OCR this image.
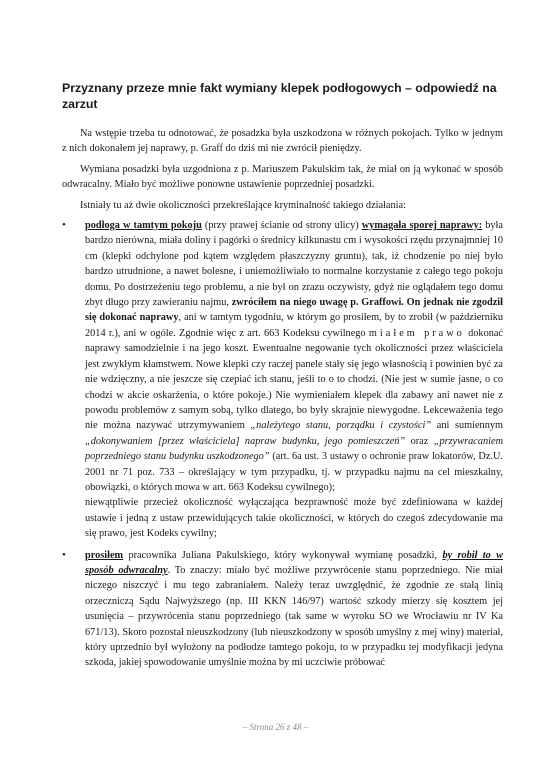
Przyznany przeze mnie fakt wymiany klepek podłogowych – odpowiedź na zarzut

Na wstępie trzeba tu odnotować, że posadzka była uszkodzona w różnych pokojach. Tylko w jednym z nich dokonałem jej naprawy, p. Graff do dziś mi nie zwrócił pieniędzy.

Wymiana posadzki była uzgodniona z p. Mariuszem Pakulskim tak, że miał on ją wykonać w sposób odwracalny. Miało być możliwe ponowne ustawienie poprzedniej posadzki.

Istniały tu aż dwie okoliczności przekreślające kryminalność takiego działania:

• podłoga w tamtym pokoju (przy prawej ścianie od strony ulicy) wymagała sporej naprawy: była bardzo nierówna, miała doliny i pagórki o średnicy kilkunastu cm i wysokości rzędu przynajmniej 10 cm (klepki odchylone pod kątem względem płaszczyzny gruntu), tak, iż chodzenie po niej było bardzo utrudnione, a nawet bolesne, i uniemożliwiało to normalne korzystanie z całego tego pokoju domu. Po dostrzeżeniu tego problemu, a nie był on zrazu oczywisty, gdyż nie oglądałem tego domu zbyt długo przy zawieraniu najmu, zwróciłem na niego uwagę p. Graffowi. On jednak nie zgodził się dokonać naprawy, ani w tamtym tygodniu, w którym go prosiłem, by to zrobił (w październiku 2014 r.), ani w ogóle. Zgodnie więc z art. 663 Kodeksu cywilnego miałem prawo dokonać naprawy samodzielnie i na jego koszt. Ewentualne negowanie tych okoliczności przez właściciela jest zwykłym kłamstwem. Nowe klepki czy raczej panele stały się jego własnością i powinien być za nie wdzięczny, a nie jeszcze się czepiać ich stanu, jeśli to o to chodzi. (Nie jest w sumie jasne, o co chodzi w akcie oskarżenia, o które pokoje.) Nie wymieniałem klepek dla zabawy ani nawet nie z powodu problemów z samym sobą, tylko dlatego, bo były skrajnie niewygodne. Lekceważenia tego nie można nazywać utrzymywaniem „należytego stanu, porządku i czystości” ani sumiennym „dokonywaniem [przez właściciela] napraw budynku, jego pomieszczeń” oraz „przywracaniem poprzedniego stanu budynku uszkodzonego” (art. 6a ust. 3 ustawy o ochronie praw lokatorów, Dz.U. 2001 nr 71 poz. 733 – określający w tym przypadku, tj. w przypadku najmu na cel mieszkalny, obowiązki, o których mowa w art. 663 Kodeksu cywilnego);

niewątpliwie przecież okoliczność wyłączająca bezprawność może być zdefiniowana w każdej ustawie i jedną z ustaw przewidujących takie okoliczności, w których do czegoś zdecydowanie ma się prawo, jest Kodeks cywilny;

• prosiłem pracownika Juliana Pakulskiego, który wykonywał wymianę posadzki, by robił to w sposób odwracalny. To znaczy: miało być możliwe przywrócenie stanu poprzedniego. Nie miał niczego niszczyć i mu tego zabraniałem. Należy teraz uwzględnić, że zgodnie ze stałą linią orzeczniczą Sądu Najwyższego (np. III KKN 146/97) wartość szkody mierzy się kosztem jej usunięcia – przywrócenia stanu poprzedniego (tak same w wyroku SO we Wrocławiu nr IV Ka 671/13). Skoro pozostał nieuszkodzony (lub nieuszkodzony w sposób umyślny z mej winy) materiał, który uprzednio był wyłożony na podłodze tamtego pokoju, to w przypadku tej modyfikacji jedyna szkoda, jakiej spowodowanie umyślnie można by mi uczciwie próbować
– Strona 26 z 48 –
